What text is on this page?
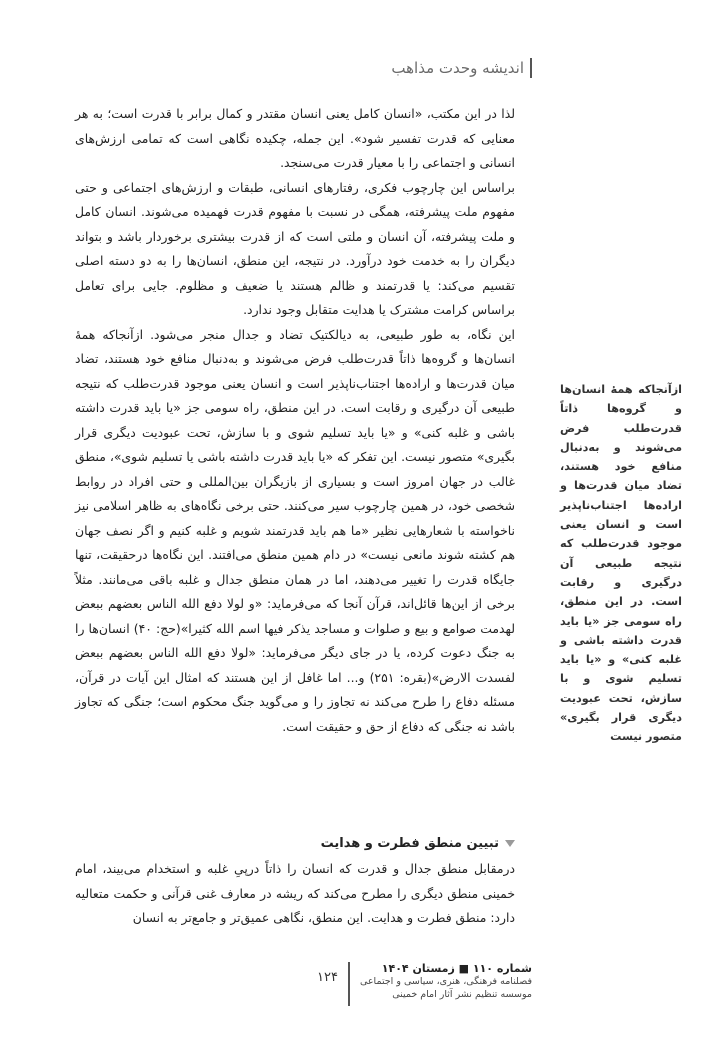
اندیشه وحدت مذاهب

لذا در این مکتب، «انسان کامل یعنی انسان مقتدر و کمال برابر با قدرت است؛ به هر معنایی که قدرت تفسیر شود». این جمله، چکیده نگاهی است که تمامی ارزش‌های انسانی و اجتماعی را با معیار قدرت می‌سنجد.

براساس این چارچوب فکری، رفتارهای انسانی، طبقات و ارزش‌های اجتماعی و حتی مفهوم ملت پیشرفته، همگی در نسبت با مفهوم قدرت فهمیده می‌شوند. انسان کامل و ملت پیشرفته، آن انسان و ملتی است که از قدرت بیشتری برخوردار باشد و بتواند دیگران را به خدمت خود درآورد. در نتیجه، این منطق، انسان‌ها را به دو دسته اصلی تقسیم می‌کند: یا قدرتمند و ظالم هستند یا ضعیف و مظلوم. جایی برای تعامل براساس کرامت مشترک یا هدایت متقابل وجود ندارد.

این نگاه، به طور طبیعی، به دیالکتیک تضاد و جدال منجر می‌شود. ازآنجاکه همهٔ انسان‌ها و گروه‌ها ذاتاً قدرت‌طلب فرض می‌شوند و به‌دنبال منافع خود هستند، تضاد میان قدرت‌ها و اراده‌ها اجتناب‌ناپذیر است و انسان یعنی موجود قدرت‌طلب که نتیجه طبیعی آن درگیری و رقابت است. در این منطق، راه سومی جز «یا باید قدرت داشته باشی و غلبه کنی» و «یا باید تسلیم شوی و با سازش، تحت عبودیت دیگری قرار بگیری» متصور نیست. این تفکر که «یا باید قدرت داشته باشی یا تسلیم شوی»، منطق غالب در جهان امروز است و بسیاری از بازیگران بین‌المللی و حتی افراد در روابط شخصی خود، در همین چارچوب سیر می‌کنند. حتی برخی نگاه‌های به ظاهر اسلامی نیز ناخواسته با شعارهایی نظیر «ما هم باید قدرتمند شویم و غلبه کنیم و اگر نصف جهان هم کشته شوند مانعی نیست» در دام همین منطق می‌افتند. این نگاه‌ها درحقیقت، تنها جایگاه قدرت را تغییر می‌دهند، اما در همان منطق جدال و غلبه باقی می‌مانند. مثلاً برخی از این‌ها قائل‌اند، قرآن آنجا که می‌فرماید: «و لولا دفع الله الناس بعضهم ببعض لهدمت صوامع و بیع و صلوات و مساجد یذکر فیها اسم الله کثیرا»(حج: ۴۰) انسان‌ها را به جنگ دعوت کرده، یا در جای دیگر می‌فرماید: «لولا دفع الله الناس بعضهم ببعض لفسدت الارض»(بقره: ۲۵۱) و... اما غافل از این هستند که امثال این آیات در قرآن، مسئله دفاع را طرح می‌کند نه تجاوز را و می‌گوید جنگ محکوم است؛ جنگی که تجاوز باشد نه جنگی که دفاع از حق و حقیقت است.

ازآنجاکه همهٔ انسان‌ها و گروه‌ها ذاتاً قدرت‌طلب فرض می‌شوند و به‌دنبال منافع خود هستند، تضاد میان قدرت‌ها و اراده‌ها اجتناب‌ناپذیر است و انسان یعنی موجود قدرت‌طلب که نتیجه طبیعی آن درگیری و رقابت است. در این منطق، راه سومی جز «یا باید قدرت داشته باشی و غلبه کنی» و «یا باید تسلیم شوی و با سازش، تحت عبودیت دیگری قرار بگیری» متصور نیست
تبیین منطق فطرت و هدایت

درمقابل منطق جدال و قدرت که انسان را ذاتاً درپیِ غلبه و استخدام می‌بیند، امام خمینی منطق دیگری را مطرح می‌کند که ریشه در معارف غنی قرآنی و حکمت متعالیه دارد: منطق فطرت و هدایت. این منطق، نگاهی عمیق‌تر و جامع‌تر به انسان

شماره ۱۱۰ ■ زمستان ۱۴۰۴
فصلنامه فرهنگی، هنری، سیاسی و اجتماعی
موسسه تنظیم نشر آثار امام خمینی
۱۲۴
